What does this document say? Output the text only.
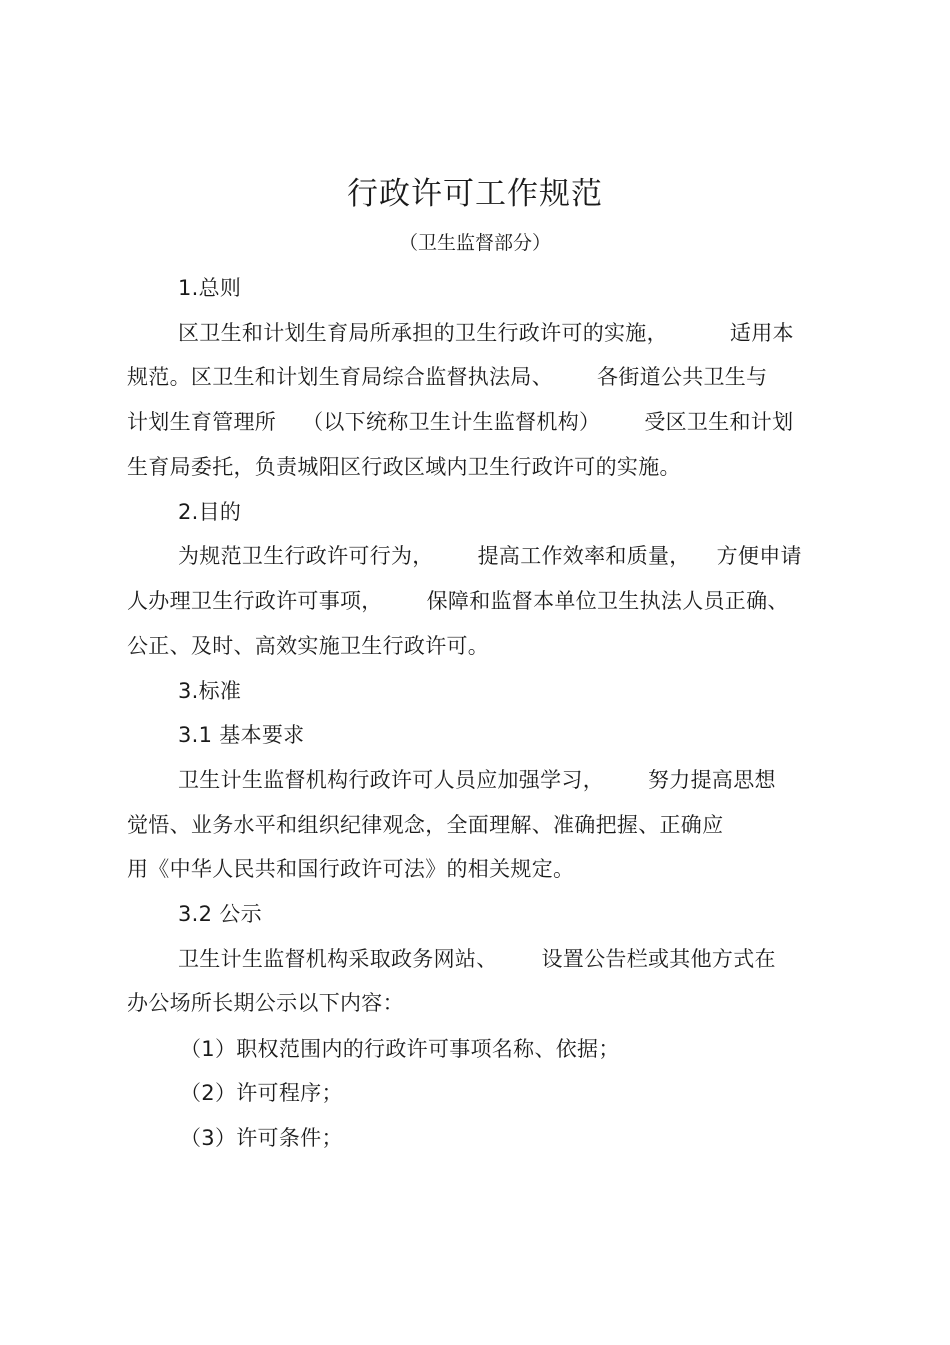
行政许可工作规范
（卫生监督部分）
1.总则
区卫生和计划生育局所承担的卫生行政许可的实施，	适用本
规范。区卫生和计划生育局综合监督执法局、 各街道公共卫生与
计划生育管理所 （以下统称卫生计生监督机构） 受区卫生和计划
生育局委托，负责城阳区行政区域内卫生行政许可的实施。
2.目的
为规范卫生行政许可行为， 提高工作效率和质量， 方便申请
人办理卫生行政许可事项， 保障和监督本单位卫生执法人员正确、
公正、及时、高效实施卫生行政许可。
3.标准
3.1 基本要求
卫生计生监督机构行政许可人员应加强学习， 努力提高思想
觉悟、业务水平和组织纪律观念，全面理解、准确把握、正确应
用《中华人民共和国行政许可法》的相关规定。
3.2 公示
卫生计生监督机构采取政务网站、 设置公告栏或其他方式在
办公场所长期公示以下内容：
（1）职权范围内的行政许可事项名称、依据；
（2）许可程序；
（3）许可条件；
